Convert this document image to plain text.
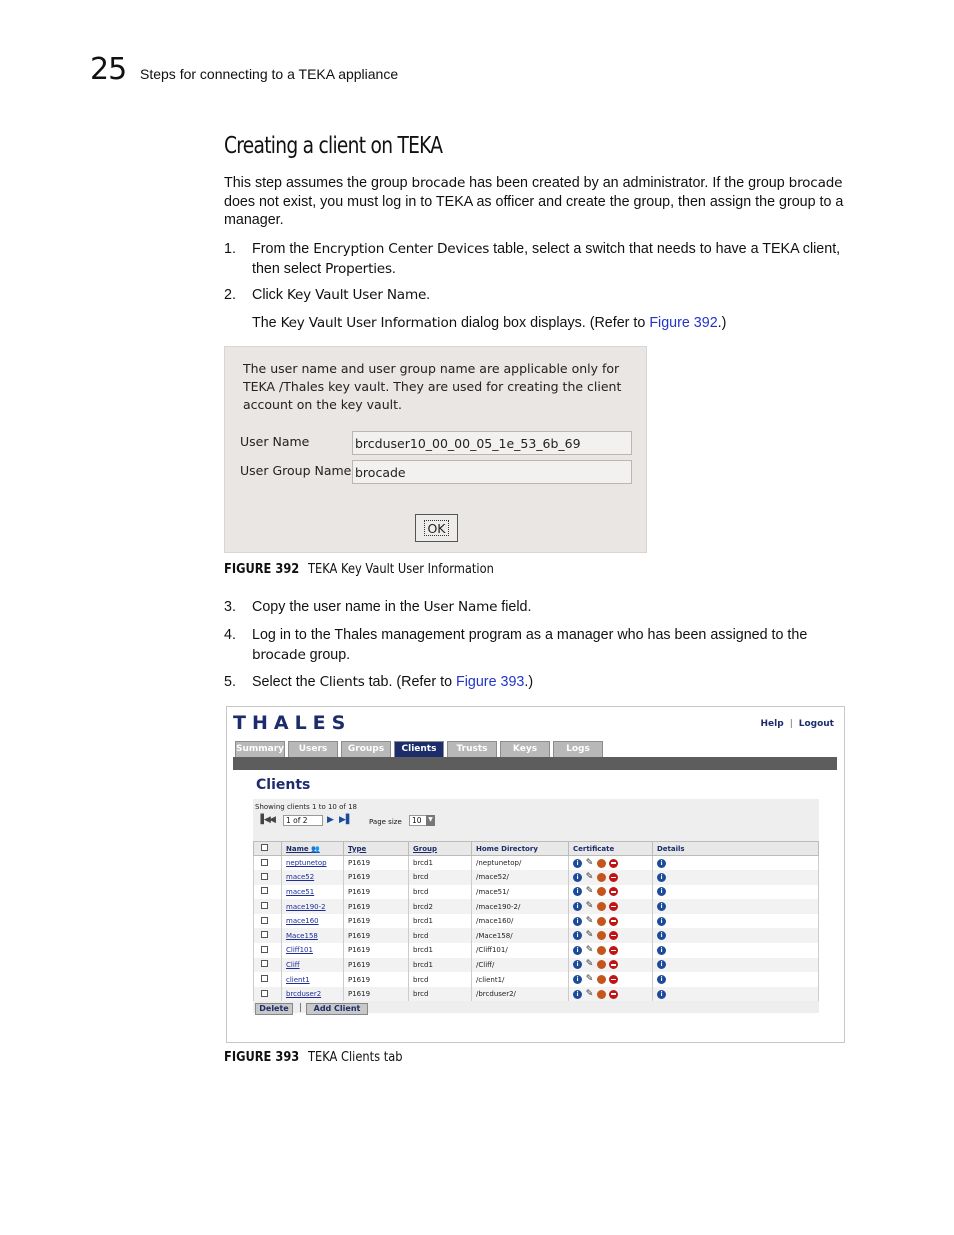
25 Steps for connecting to a TEKA appliance
Creating a client on TEKA
This step assumes the group brocade has been created by an administrator. If the group brocade does not exist, you must log in to TEKA as officer and create the group, then assign the group to a manager.
1.	From the Encryption Center Devices table, select a switch that needs to have a TEKA client, then select Properties.
2.	Click Key Vault User Name.
The Key Vault User Information dialog box displays. (Refer to Figure 392.)
The user name and user group name are applicable only for TEKA /Thales key vault. They are used for creating the client account on the key vault.
User Name	brcduser10_00_00_05_1e_53_6b_69
User Group Name brocade
OK
FIGURE 392 TEKA Key Vault User Information
3.	Copy the user name in the User Name field.
4.	Log in to the Thales management program as a manager who has been assigned to the brocade group.
5.	Select the Clients tab. (Refer to Figure 393.)
THALES	Help | Logout
Summary	Users	Groups	Clients	Trusts	Keys	Logs
Clients
Showing clients 1 to 10 of 18
▐◀
◀	1 of 2	▶ ▶▌ Page size	10	▼
	Name 👥	Type	Group	Home Directory	Certificate	Details
	neptunetop	P1619	brcd1	/neptunetop/	i ✎	i
	mace52	P1619	brcd	/mace52/	i ✎	i
	mace51	P1619	brcd	/mace51/	i ✎	i
	mace190-2	P1619	brcd2	/mace190-2/	i ✎	i
	mace160	P1619	brcd1	/mace160/	i ✎	i
	Mace158	P1619	brcd	/Mace158/	i ✎	i
	Cliff101	P1619	brcd1	/Cliff101/	i ✎	i
	Cliff	P1619	brcd1	/Cliff/	i ✎	i
	client1	P1619	brcd	/client1/	i ✎	i
	brcduser2	P1619	brcd	/brcduser2/	i ✎	i
Delete	|	Add Client
FIGURE 393 TEKA Clients tab
